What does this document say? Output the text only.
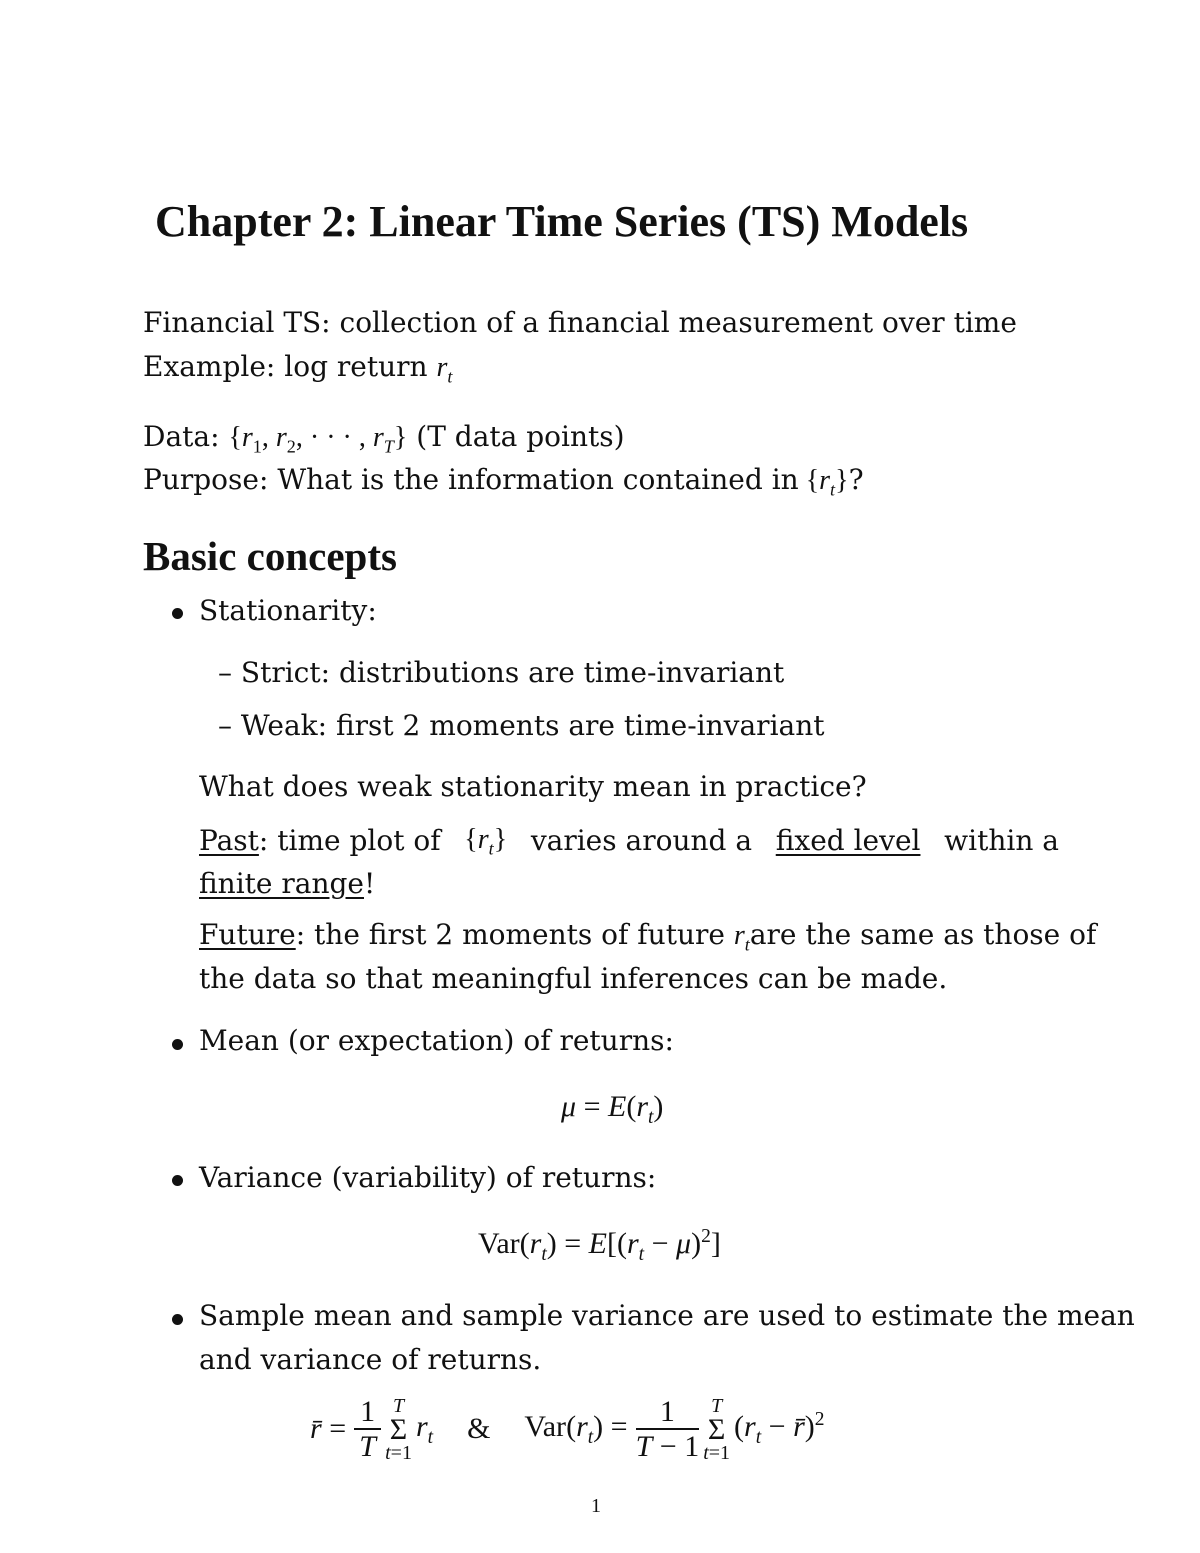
Chapter 2: Linear Time Series (TS) Models
Financial TS: collection of a financial measurement over time
Example: log return $r_t$
Data: {$r_1$, $r_2$, · · · , $r_T$} (T data points)
Purpose: What is the information contained in $\{r_t\}$?
Basic concepts
Stationarity:
– Strict: distributions are time-invariant
– Weak: first 2 moments are time-invariant
What does weak stationarity mean in practice?
Past: time plot of $\{r_t\}$ varies around a fixed level within a
finite range!
Future: the first 2 moments of future $r_t$ are the same as those of
the data so that meaningful inferences can be made.
Mean (or expectation) of returns:
$\mu = E(r_t)$
Variance (variability) of returns:
$Var(r_t) = E[(r_t - \mu)^2]$
Sample mean and sample variance are used to estimate the mean
and variance of returns.
r̄ = $\frac{1}{T}$ T
Σ
t=1
$r_t$ & $Var(r_t) = \frac{1}{T - 1}$ T
Σ
t=1
($r_t$ − r̄)$^2$
1
